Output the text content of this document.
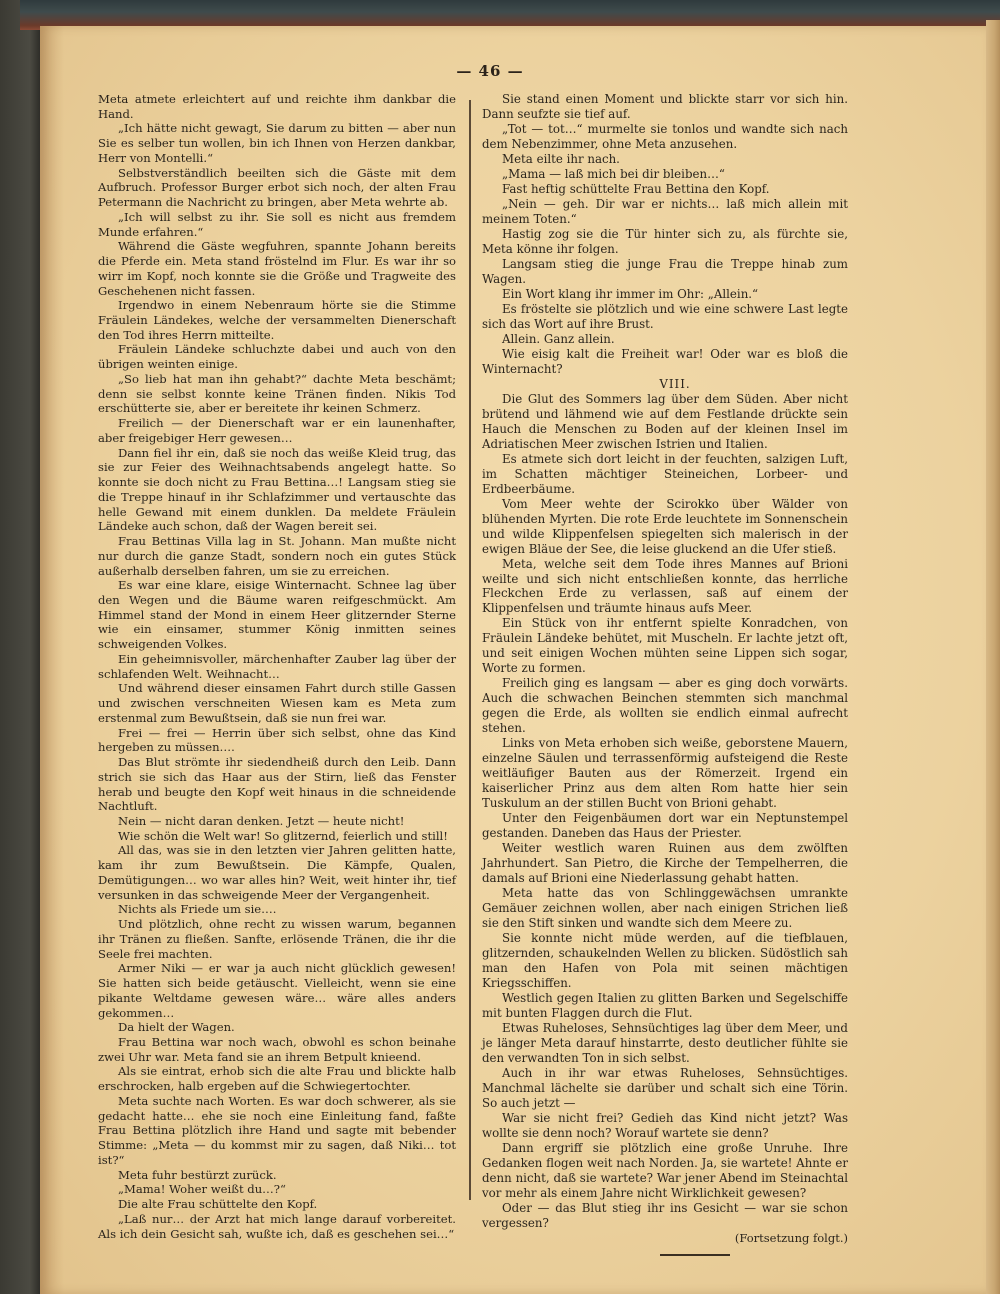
— 46 —

Meta atmete erleichtert auf und reichte ihm dankbar die Hand.

„Ich hätte nicht gewagt, Sie darum zu bitten — aber nun Sie es selber tun wollen, bin ich Ihnen von Herzen dankbar, Herr von Montelli.“

Selbstverständlich beeilten sich die Gäste mit dem Aufbruch. Professor Burger erbot sich noch, der alten Frau Petermann die Nachricht zu bringen, aber Meta wehrte ab.

„Ich will selbst zu ihr. Sie soll es nicht aus fremdem Munde erfahren.“

Während die Gäste wegfuhren, spannte Johann bereits die Pferde ein. Meta stand fröstelnd im Flur. Es war ihr so wirr im Kopf, noch konnte sie die Größe und Tragweite des Geschehenen nicht fassen.

Irgendwo in einem Nebenraum hörte sie die Stimme Fräulein Ländekes, welche der versammelten Dienerschaft den Tod ihres Herrn mitteilte.

Fräulein Ländeke schluchzte dabei und auch von den übrigen weinten einige.

„So lieb hat man ihn gehabt?“ dachte Meta beschämt; denn sie selbst konnte keine Tränen finden. Nikis Tod erschütterte sie, aber er bereitete ihr keinen Schmerz.

Freilich — der Dienerschaft war er ein launenhafter, aber freigebiger Herr gewesen…

Dann fiel ihr ein, daß sie noch das weiße Kleid trug, das sie zur Feier des Weihnachtsabends angelegt hatte. So konnte sie doch nicht zu Frau Bettina…! Langsam stieg sie die Treppe hinauf in ihr Schlafzimmer und vertauschte das helle Gewand mit einem dunklen. Da meldete Fräulein Ländeke auch schon, daß der Wagen bereit sei.

Frau Bettinas Villa lag in St. Johann. Man mußte nicht nur durch die ganze Stadt, sondern noch ein gutes Stück außerhalb derselben fahren, um sie zu erreichen.

Es war eine klare, eisige Winternacht. Schnee lag über den Wegen und die Bäume waren reifgeschmückt. Am Himmel stand der Mond in einem Heer glitzernder Sterne wie ein einsamer, stummer König inmitten seines schweigenden Volkes.

Ein geheimnisvoller, märchenhafter Zauber lag über der schlafenden Welt. Weihnacht…

Und während dieser einsamen Fahrt durch stille Gassen und zwischen verschneiten Wiesen kam es Meta zum erstenmal zum Bewußtsein, daß sie nun frei war.

Frei — frei — Herrin über sich selbst, ohne das Kind hergeben zu müssen….

Das Blut strömte ihr siedendheiß durch den Leib. Dann strich sie sich das Haar aus der Stirn, ließ das Fenster herab und beugte den Kopf weit hinaus in die schneidende Nachtluft.

Nein — nicht daran denken. Jetzt — heute nicht!

Wie schön die Welt war! So glitzernd, feierlich und still!

All das, was sie in den letzten vier Jahren gelitten hatte, kam ihr zum Bewußtsein. Die Kämpfe, Qualen, Demütigungen… wo war alles hin? Weit, weit hinter ihr, tief versunken in das schweigende Meer der Vergangenheit.

Nichts als Friede um sie….

Und plötzlich, ohne recht zu wissen warum, begannen ihr Tränen zu fließen. Sanfte, erlösende Tränen, die ihr die Seele frei machten.

Armer Niki — er war ja auch nicht glücklich gewesen! Sie hatten sich beide getäuscht. Vielleicht, wenn sie eine pikante Weltdame gewesen wäre… wäre alles anders gekommen…

Da hielt der Wagen.

Frau Bettina war noch wach, obwohl es schon beinahe zwei Uhr war. Meta fand sie an ihrem Betpult knieend.

Als sie eintrat, erhob sich die alte Frau und blickte halb erschrocken, halb ergeben auf die Schwiegertochter.

Meta suchte nach Worten. Es war doch schwerer, als sie gedacht hatte… ehe sie noch eine Einleitung fand, faßte Frau Bettina plötzlich ihre Hand und sagte mit bebender Stimme: „Meta — du kommst mir zu sagen, daß Niki… tot ist?“

Meta fuhr bestürzt zurück.

„Mama! Woher weißt du…?“

Die alte Frau schüttelte den Kopf.

„Laß nur… der Arzt hat mich lange darauf vorbereitet. Als ich dein Gesicht sah, wußte ich, daß es geschehen sei…“

Sie stand einen Moment und blickte starr vor sich hin. Dann seufzte sie tief auf.

„Tot — tot…“ murmelte sie tonlos und wandte sich nach dem Nebenzimmer, ohne Meta anzusehen.

Meta eilte ihr nach.

„Mama — laß mich bei dir bleiben…“

Fast heftig schüttelte Frau Bettina den Kopf.

„Nein — geh. Dir war er nichts… laß mich allein mit meinem Toten.“

Hastig zog sie die Tür hinter sich zu, als fürchte sie, Meta könne ihr folgen.

Langsam stieg die junge Frau die Treppe hinab zum Wagen.

Ein Wort klang ihr immer im Ohr: „Allein.“

Es fröstelte sie plötzlich und wie eine schwere Last legte sich das Wort auf ihre Brust.

Allein. Ganz allein.

Wie eisig kalt die Freiheit war! Oder war es bloß die Winternacht?

VIII.

Die Glut des Sommers lag über dem Süden. Aber nicht brütend und lähmend wie auf dem Festlande drückte sein Hauch die Menschen zu Boden auf der kleinen Insel im Adriatischen Meer zwischen Istrien und Italien.

Es atmete sich dort leicht in der feuchten, salzigen Luft, im Schatten mächtiger Steineichen, Lorbeer- und Erdbeerbäume.

Vom Meer wehte der Scirokko über Wälder von blühenden Myrten. Die rote Erde leuchtete im Sonnenschein und wilde Klippenfelsen spiegelten sich malerisch in der ewigen Bläue der See, die leise gluckend an die Ufer stieß.

Meta, welche seit dem Tode ihres Mannes auf Brioni weilte und sich nicht entschließen konnte, das herrliche Fleckchen Erde zu verlassen, saß auf einem der Klippenfelsen und träumte hinaus aufs Meer.

Ein Stück von ihr entfernt spielte Konradchen, von Fräulein Ländeke behütet, mit Muscheln. Er lachte jetzt oft, und seit einigen Wochen mühten seine Lippen sich sogar, Worte zu formen.

Freilich ging es langsam — aber es ging doch vorwärts. Auch die schwachen Beinchen stemmten sich manchmal gegen die Erde, als wollten sie endlich einmal aufrecht stehen.

Links von Meta erhoben sich weiße, geborstene Mauern, einzelne Säulen und terrassenförmig aufsteigend die Reste weitläufiger Bauten aus der Römerzeit. Irgend ein kaiserlicher Prinz aus dem alten Rom hatte hier sein Tuskulum an der stillen Bucht von Brioni gehabt.

Unter den Feigenbäumen dort war ein Neptunstempel gestanden. Daneben das Haus der Priester.

Weiter westlich waren Ruinen aus dem zwölften Jahrhundert. San Pietro, die Kirche der Tempelherren, die damals auf Brioni eine Niederlassung gehabt hatten.

Meta hatte das von Schlinggewächsen umrankte Gemäuer zeichnen wollen, aber nach einigen Strichen ließ sie den Stift sinken und wandte sich dem Meere zu.

Sie konnte nicht müde werden, auf die tiefblauen, glitzernden, schaukelnden Wellen zu blicken. Südöstlich sah man den Hafen von Pola mit seinen mächtigen Kriegsschiffen.

Westlich gegen Italien zu glitten Barken und Segelschiffe mit bunten Flaggen durch die Flut.

Etwas Ruheloses, Sehnsüchtiges lag über dem Meer, und je länger Meta darauf hinstarrte, desto deutlicher fühlte sie den verwandten Ton in sich selbst.

Auch in ihr war etwas Ruheloses, Sehnsüchtiges. Manchmal lächelte sie darüber und schalt sich eine Törin. So auch jetzt —

War sie nicht frei? Gedieh das Kind nicht jetzt? Was wollte sie denn noch? Worauf wartete sie denn?

Dann ergriff sie plötzlich eine große Unruhe. Ihre Gedanken flogen weit nach Norden. Ja, sie wartete! Ahnte er denn nicht, daß sie wartete? War jener Abend im Steinachtal vor mehr als einem Jahre nicht Wirklichkeit gewesen?

Oder — das Blut stieg ihr ins Gesicht — war sie schon vergessen?

(Fortsetzung folgt.)
